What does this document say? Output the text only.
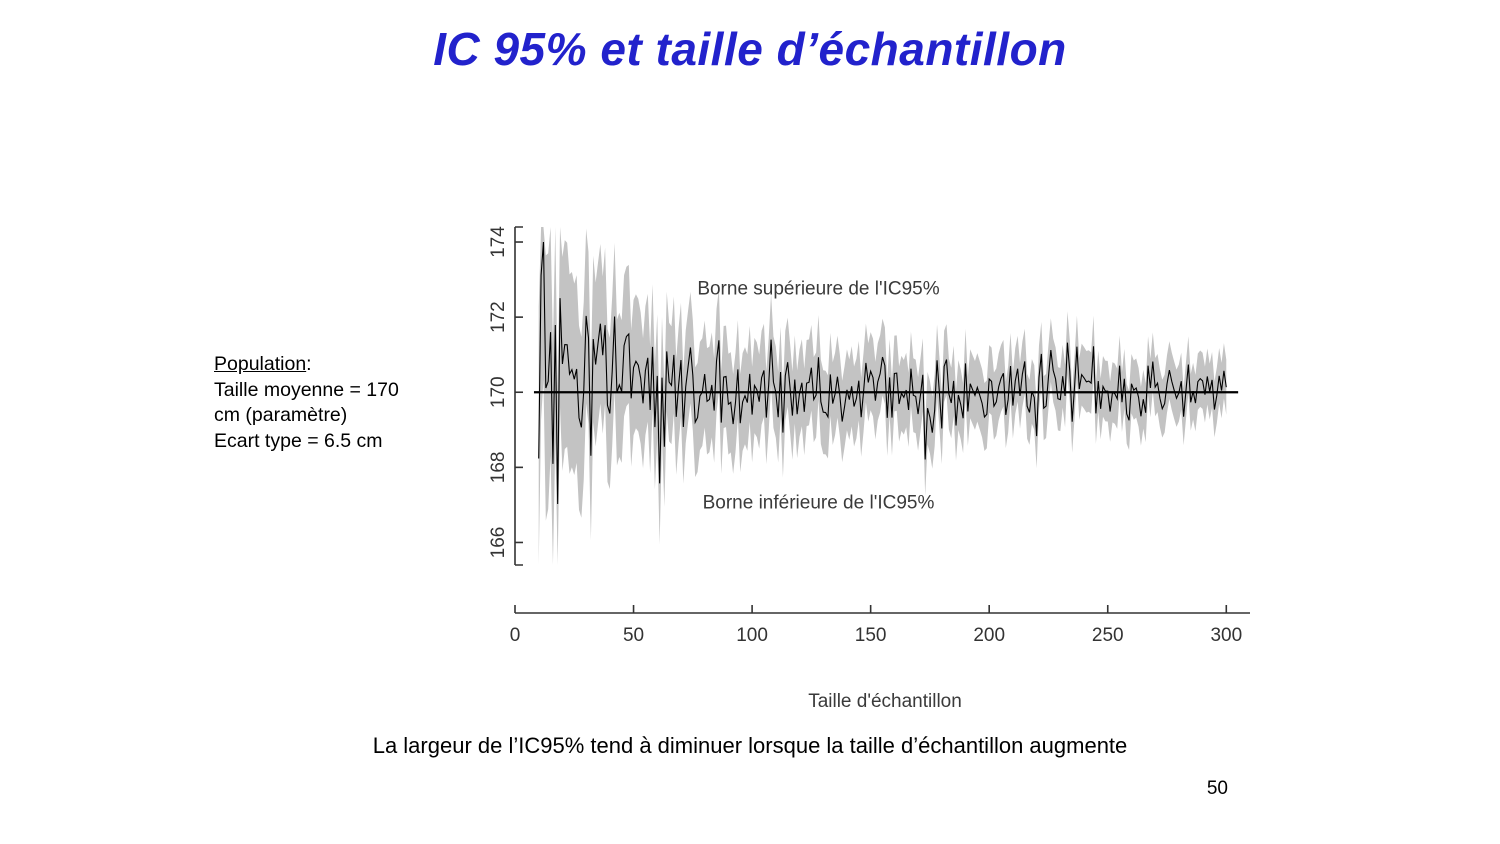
IC 95% et taille d’échantillon
Population:
Taille moyenne = 170
cm (paramètre)
Ecart type = 6.5 cm
166
168
170
172
174
0	50	100	150	200	250	300
Taille d'échantillon
Borne supérieure de l'IC95%
Borne inférieure de l'IC95%
La largeur de l’IC95% tend à diminuer lorsque la taille d’échantillon augmente
50
